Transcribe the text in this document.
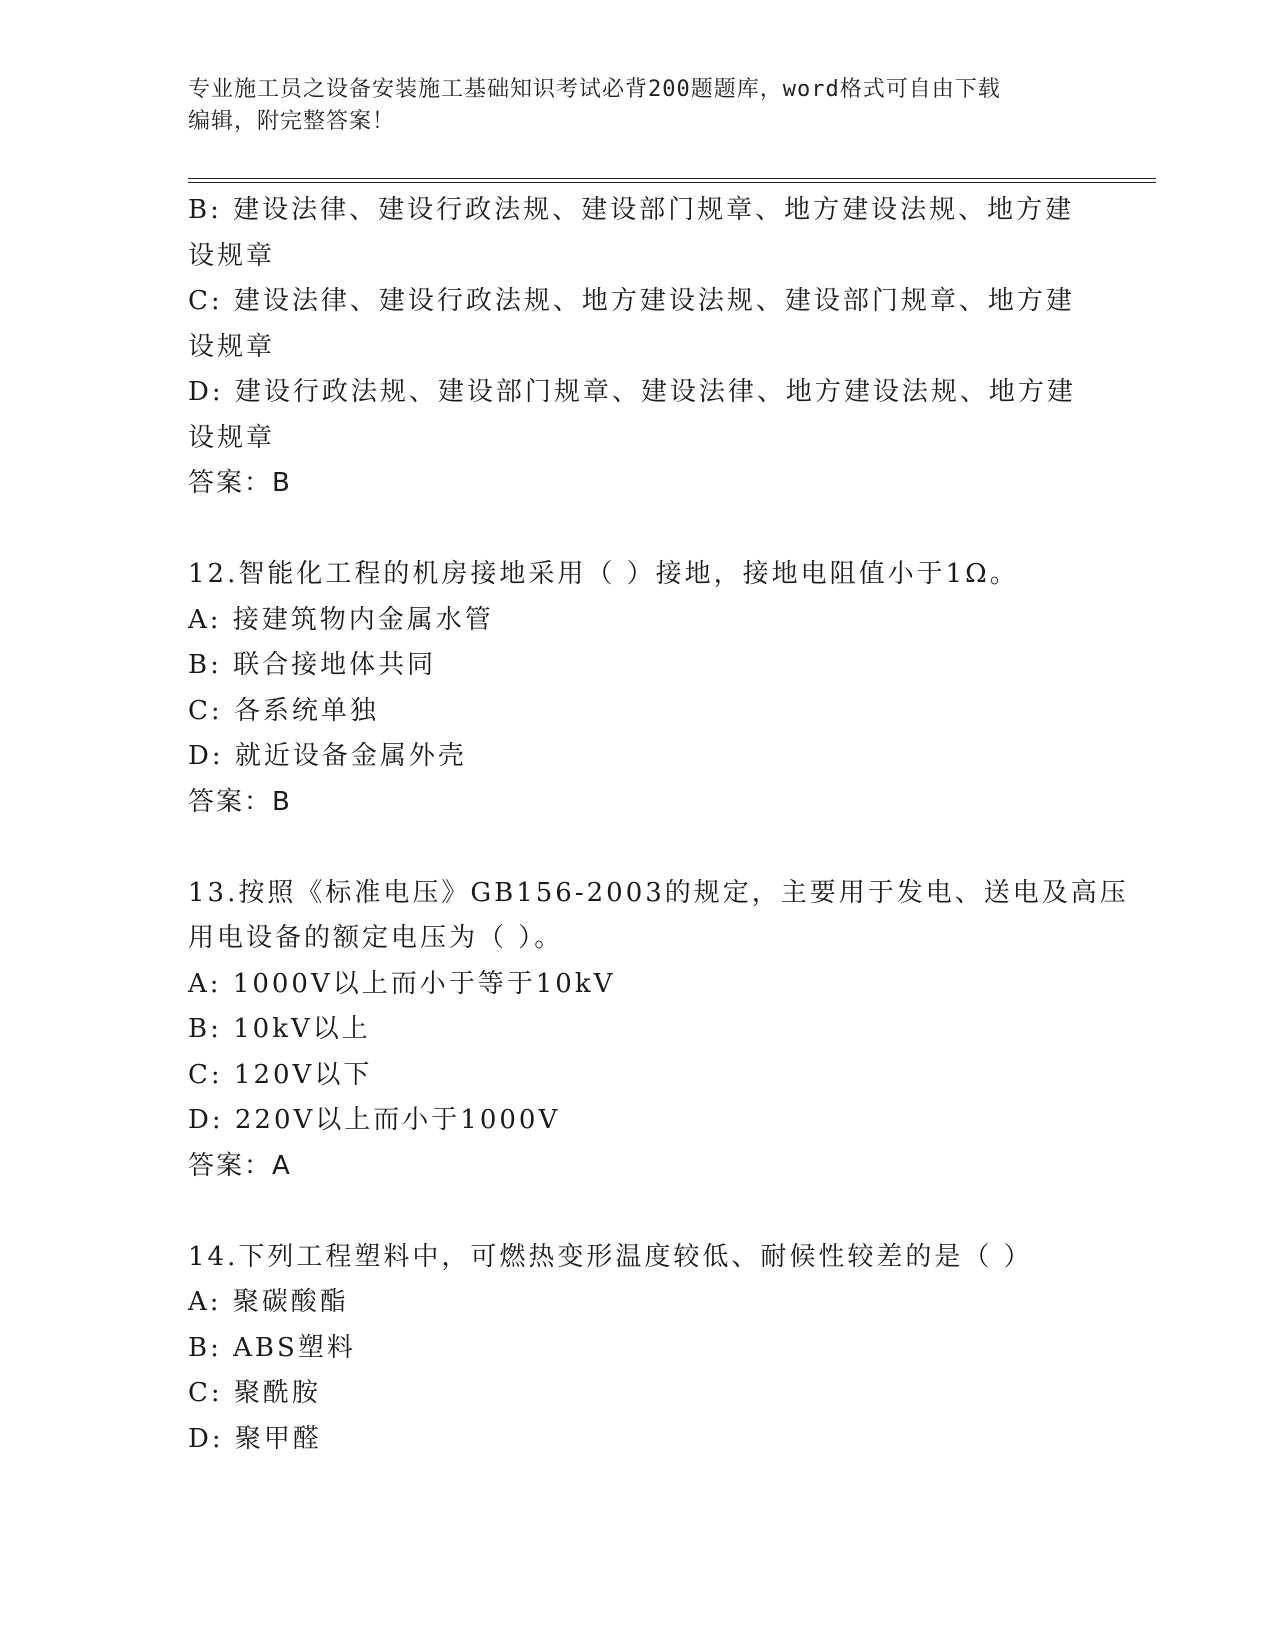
专业施工员之设备安装施工基础知识考试必背200题题库，word格式可自由下载
编辑，附完整答案！

B: 建设法律、建设行政法规、建设部门规章、地方建设法规、地方建

设规章

C: 建设法律、建设行政法规、地方建设法规、建设部门规章、地方建

设规章

D: 建设行政法规、建设部门规章、建设法律、地方建设法规、地方建

设规章

答案：B

12.智能化工程的机房接地采用（ ）接地，接地电阻值小于1Ω。

A: 接建筑物内金属水管

B: 联合接地体共同

C: 各系统单独

D: 就近设备金属外壳

答案：B

13.按照《标准电压》GB156-2003的规定，主要用于发电、送电及高压

用电设备的额定电压为（ ）。

A: 1000V以上而小于等于10kV

B: 10kV以上

C: 120V以下

D: 220V以上而小于1000V

答案：A

14.下列工程塑料中，可燃热变形温度较低、耐候性较差的是（ ）

A: 聚碳酸酯

B: ABS塑料

C: 聚酰胺

D: 聚甲醛
